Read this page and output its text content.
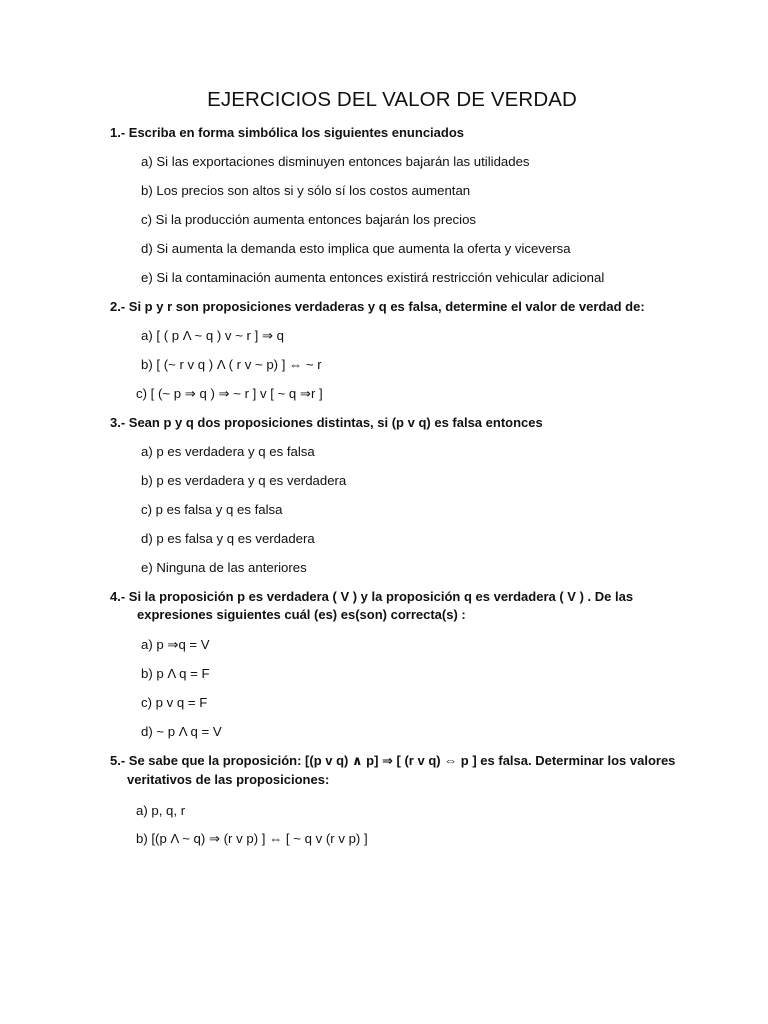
EJERCICIOS DEL VALOR DE VERDAD
1.- Escriba en forma simbólica los siguientes enunciados
a) Si las exportaciones disminuyen entonces bajarán las utilidades
b) Los precios son altos si y sólo sí los costos aumentan
c) Si la producción aumenta entonces bajarán los precios
d) Si aumenta la demanda esto implica que aumenta la oferta y viceversa
e) Si la contaminación aumenta entonces existirá restricción vehicular adicional
2.- Si p y r son proposiciones verdaderas y q es falsa, determine el valor de verdad de:
a) [ ( p Λ ~ q ) v ~ r ] ⇒ q
b) [ (~ r v q ) Λ ( r v ~ p) ] ⇔ ~ r
c) [ (~ p ⇒ q ) ⇒ ~ r ] v [ ~ q ⇒r ]
3.- Sean p y q dos proposiciones distintas, si (p v q) es falsa entonces
a) p es verdadera y q es falsa
b) p es verdadera y q es verdadera
c) p es falsa y q es falsa
d) p es falsa y q es verdadera
e) Ninguna de las anteriores
4.- Si la proposición p es verdadera ( V ) y la proposición q es verdadera ( V ) . De las
expresiones siguientes cuál (es) es(son) correcta(s) :
a) p ⇒q = V
b) p Λ q = F
c) p v q = F
d) ~ p Λ q = V
5.- Se sabe que la proposición: [(p v q) ∧ p] ⇒ [ (r v q) ⇔ p ] es falsa. Determinar los valores
veritativos de las proposiciones:
a) p, q, r
b) [(p Λ ~ q) ⇒ (r v p) ] ⇔ [ ~ q v (r v p) ]
